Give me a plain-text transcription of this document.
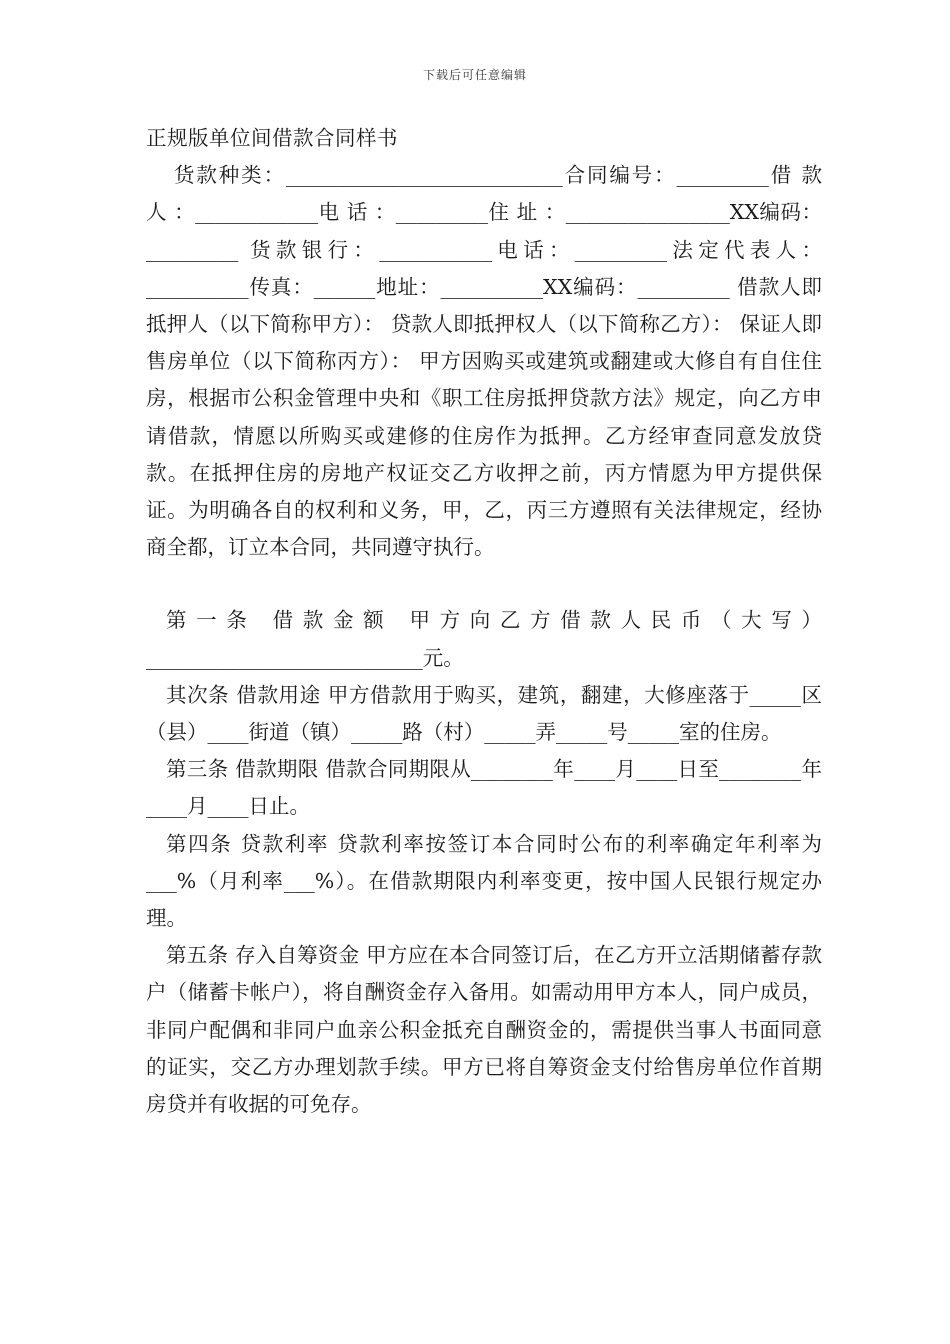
下载后可任意编辑

正规版单位间借款合同样书

货款种类：___________________________合同编号：_________借 款 人 ：____________电 话 ：_________住 址 ：________________XX编码：_________ 货款银行：___________电话：_________法定代表人：__________传真：______地址：__________XX编码：_________ 借款人即抵押人（以下简称甲方）： 贷款人即抵押权人（以下简称乙方）： 保证人即售房单位（以下简称丙方）： 甲方因购买或建筑或翻建或大修自有自住住房，根据市公积金管理中央和《职工住房抵押贷款方法》规定，向乙方申请借款，情愿以所购买或建修的住房作为抵押。乙方经审查同意发放贷款。在抵押住房的房地产权证交乙方收押之前，丙方情愿为甲方提供保证。为明确各自的权利和义务，甲，乙，丙三方遵照有关法律规定，经协商全都，订立本合同，共同遵守执行。

第一条 借款金额 甲方向乙方借款人民币（大写）___________________________元。

其次条 借款用途 甲方借款用于购买，建筑，翻建，大修座落于_____区（县）____街道（镇）_____路（村）_____弄_____号_____室的住房。

第三条 借款期限 借款合同期限从________年____月____日至________年____月____日止。

第四条 贷款利率 贷款利率按签订本合同时公布的利率确定年利率为___%（月利率___%）。在借款期限内利率变更，按中国人民银行规定办理。

第五条 存入自筹资金 甲方应在本合同签订后，在乙方开立活期储蓄存款户（储蓄卡帐户），将自酬资金存入备用。如需动用甲方本人，同户成员，非同户配偶和非同户血亲公积金抵充自酬资金的，需提供当事人书面同意的证实，交乙方办理划款手续。甲方已将自筹资金支付给售房单位作首期房贷并有收据的可免存。
